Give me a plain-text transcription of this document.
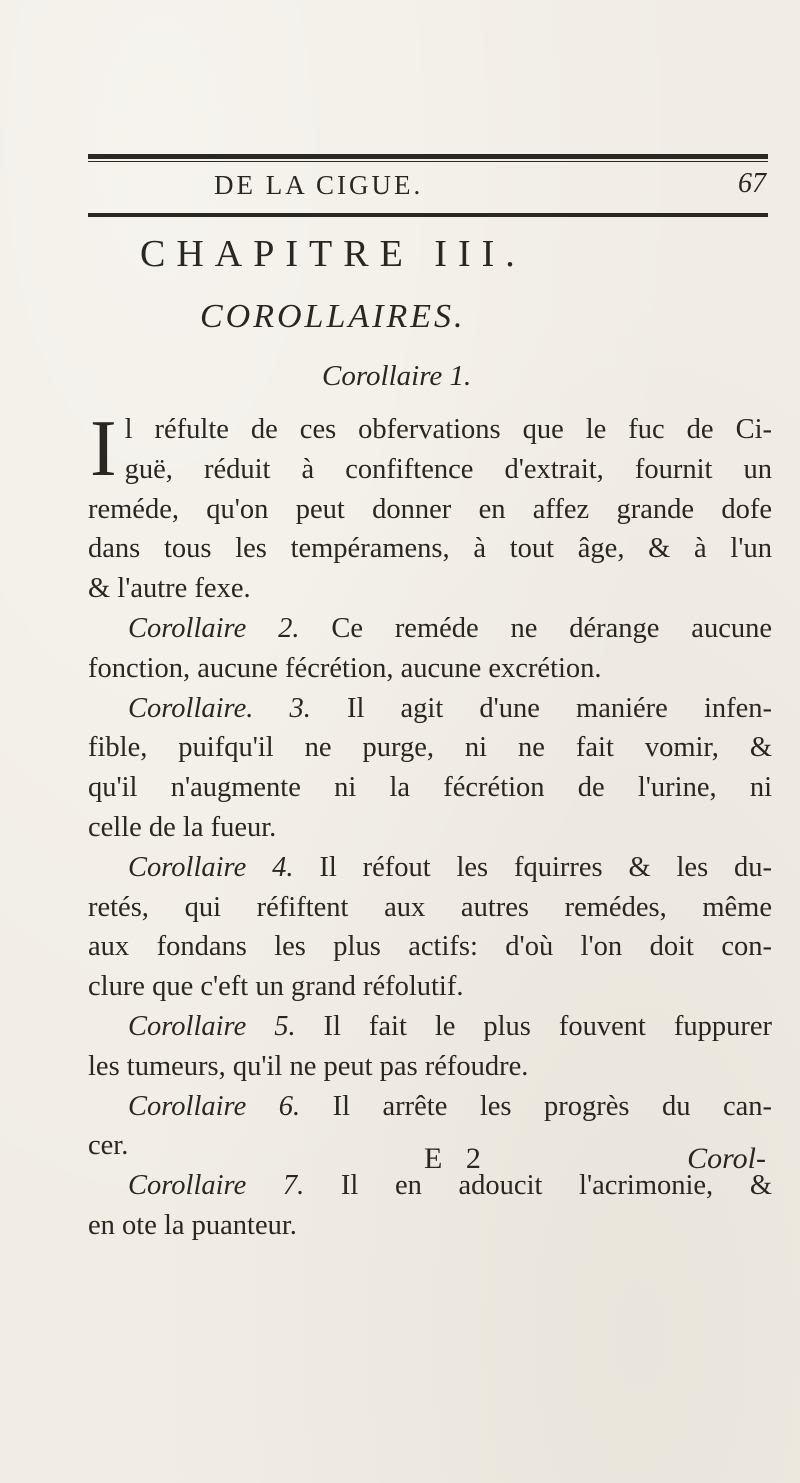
DE LA CIGUE.	67
CHAPITRE III.
COROLLAIRES.
Corollaire 1.
I l réfulte de ces obfervations que le fuc de Ci-
guë, réduit à confiftence d'extrait, fournit un
reméde, qu'on peut donner en affez grande dofe
dans tous les tempéramens, à tout âge, & à l'un
& l'autre fexe.
Corollaire 2. Ce reméde ne dérange aucune
fonction, aucune fécrétion, aucune excrétion.
Corollaire. 3. Il agit d'une maniére infen-
fible, puifqu'il ne purge, ni ne fait vomir, &
qu'il n'augmente ni la fécrétion de l'urine, ni
celle de la fueur.
Corollaire 4. Il réfout les fquirres & les du-
retés, qui réfiftent aux autres remédes, même
aux fondans les plus actifs: d'où l'on doit con-
clure que c'eft un grand réfolutif.
Corollaire 5. Il fait le plus fouvent fuppurer
les tumeurs, qu'il ne peut pas réfoudre.
Corollaire 6. Il arrête les progrès du can-
cer.
Corollaire 7. Il en adoucit l'acrimonie, &
en ote la puanteur.
E 2	Corol-
